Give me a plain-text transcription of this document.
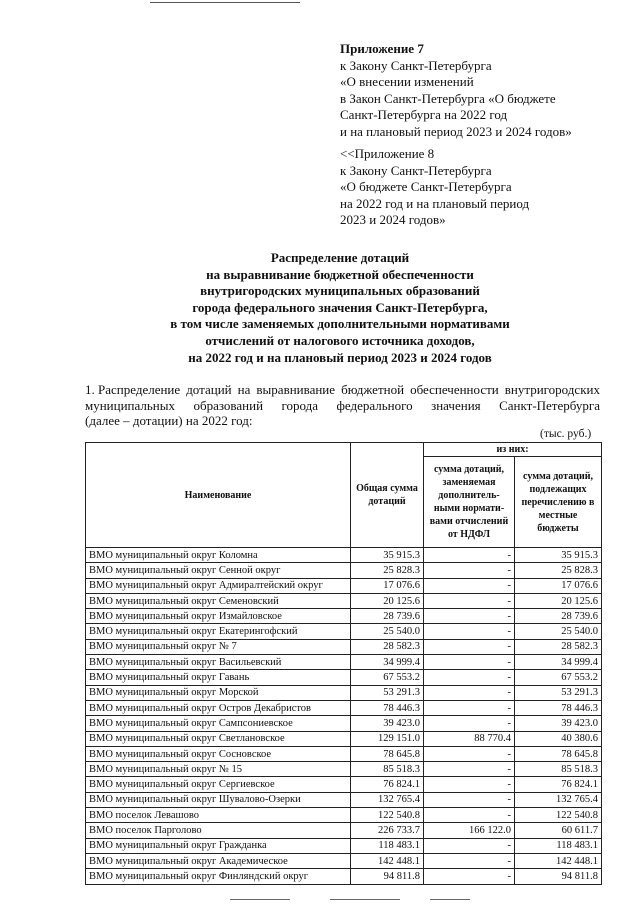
Приложение 7
к Закону Санкт-Петербурга
«О внесении изменений
в Закон Санкт-Петербурга «О бюджете
Санкт-Петербурга на 2022 год
и на плановый период 2023 и 2024 годов»
<<Приложение 8
к Закону Санкт-Петербурга
«О бюджете Санкт-Петербурга
на 2022 год и на плановый период
2023 и 2024 годов»
Распределение дотаций
на выравнивание бюджетной обеспеченности
внутригородских муниципальных образований
города федерального значения Санкт-Петербурга,
в том числе заменяемых дополнительными нормативами
отчислений от налогового источника доходов,
на 2022 год и на плановый период 2023 и 2024 годов
1. Распределение дотаций на выравнивание бюджетной обеспеченности внутригородских
муниципальных образований города федерального значения Санкт-Петербурга
(далее – дотации) на 2022 год:
(тыс. руб.)
Наименование	Общая сумма дотаций	из них:	
		сумма дотаций, заменяемая дополнитель-ными нормати-вами отчислений от НДФЛ	сумма дотаций, подлежащих перечислению в местные бюджеты
ВМО муниципальный округ Коломна	35 915.3	-	35 915.3
ВМО муниципальный округ Сенной округ	25 828.3	-	25 828.3
ВМО муниципальный округ Адмиралтейский округ	17 076.6	-	17 076.6
ВМО муниципальный округ Семеновский	20 125.6	-	20 125.6
ВМО муниципальный округ Измайловское	28 739.6	-	28 739.6
ВМО муниципальный округ Екатерингофский	25 540.0	-	25 540.0
ВМО муниципальный округ № 7	28 582.3	-	28 582.3
ВМО муниципальный округ Васильевский	34 999.4	-	34 999.4
ВМО муниципальный округ Гавань	67 553.2	-	67 553.2
ВМО муниципальный округ Морской	53 291.3	-	53 291.3
ВМО муниципальный округ Остров Декабристов	78 446.3	-	78 446.3
ВМО муниципальный округ Сампсониевское	39 423.0	-	39 423.0
ВМО муниципальный округ Светлановское	129 151.0	88 770.4	40 380.6
ВМО муниципальный округ Сосновское	78 645.8	-	78 645.8
ВМО муниципальный округ № 15	85 518.3	-	85 518.3
ВМО муниципальный округ Сергиевское	76 824.1	-	76 824.1
ВМО муниципальный округ Шувалово-Озерки	132 765.4	-	132 765.4
ВМО поселок Левашово	122 540.8	-	122 540.8
ВМО поселок Парголово	226 733.7	166 122.0	60 611.7
ВМО муниципальный округ Гражданка	118 483.1	-	118 483.1
ВМО муниципальный округ Академическое	142 448.1	-	142 448.1
ВМО муниципальный округ Финляндский округ	94 811.8	-	94 811.8
